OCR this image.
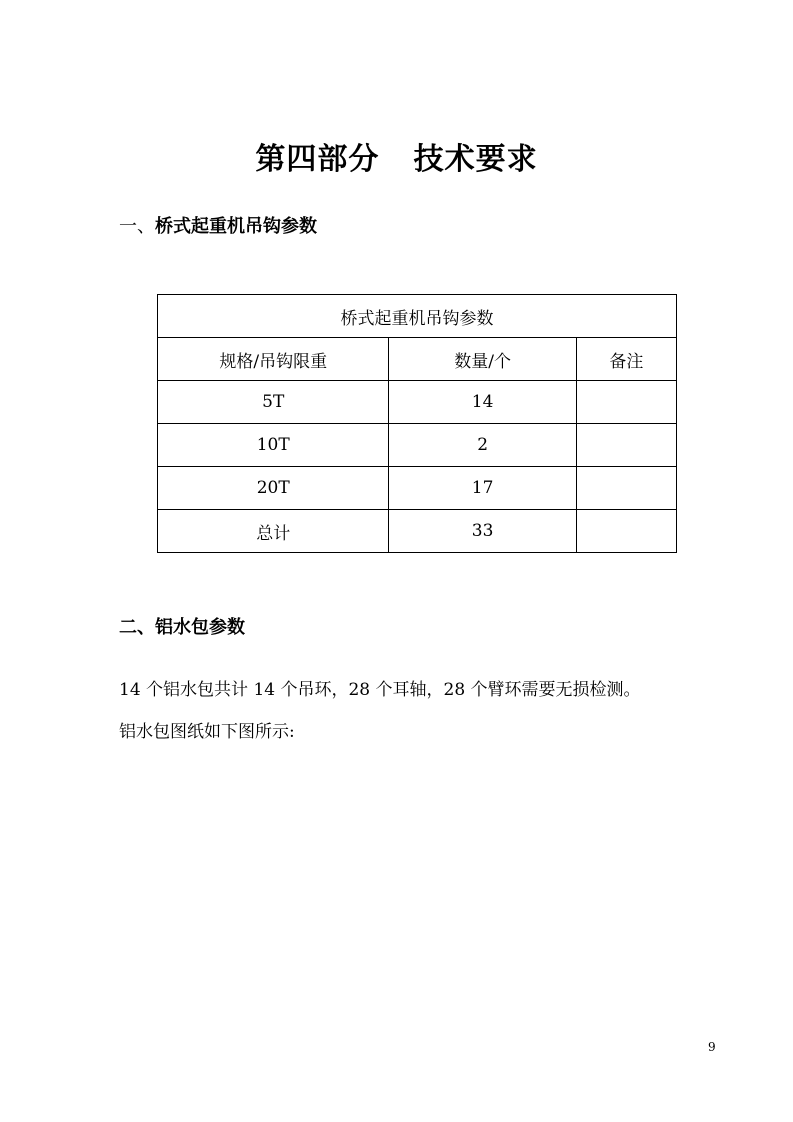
第四部分   技术要求
一、桥式起重机吊钩参数
桥式起重机吊钩参数		
规格/吊钩限重	数量/个	备注
5T	14	
10T	2	
20T	17	
总计	33	
二、铝水包参数
14 个铝水包共计 14 个吊环，28 个耳轴，28 个臂环需要无损检测。
铝水包图纸如下图所示:
9
